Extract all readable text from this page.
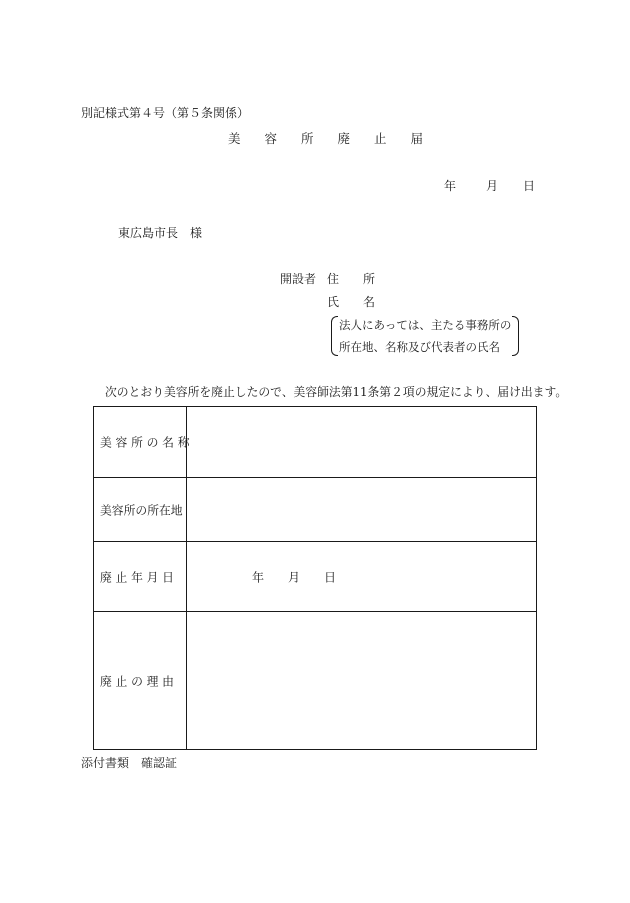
別記様式第４号（第５条関係）
美容所廃止届
年	月 日
東広島市長　様
開設者 住　　所
氏　　名
法人にあっては、主たる事務所の
所在地、名称及び代表者の氏名
次のとおり美容所を廃止したので、美容師法第11条第２項の規定により、届け出ます。
美 容 所 の 名 称
美容所の所在地
廃 止 年 月 日	年　　月　　日
廃 止 の 理 由
添付書類　確認証
